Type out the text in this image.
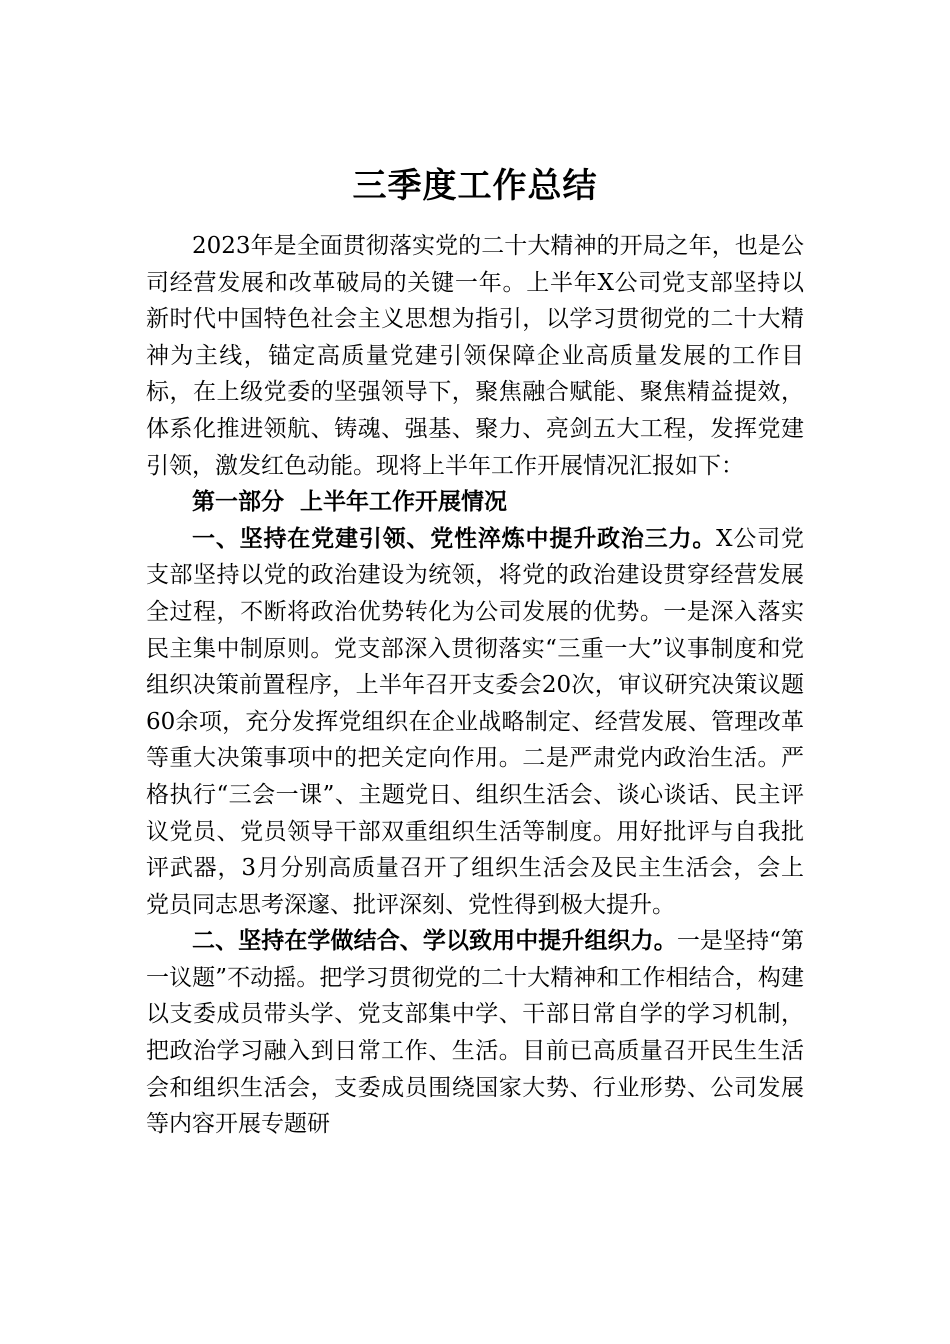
三季度工作总结

2023年是全面贯彻落实党的二十大精神的开局之年，也是公司经营发展和改革破局的关键一年。上半年X公司党支部坚持以新时代中国特色社会主义思想为指引，以学习贯彻党的二十大精神为主线，锚定高质量党建引领保障企业高质量发展的工作目标，在上级党委的坚强领导下，聚焦融合赋能、聚焦精益提效，体系化推进领航、铸魂、强基、聚力、亮剑五大工程，发挥党建引领，激发红色动能。现将上半年工作开展情况汇报如下：

第一部分  上半年工作开展情况

一、坚持在党建引领、党性淬炼中提升政治三力。X公司党支部坚持以党的政治建设为统领，将党的政治建设贯穿经营发展全过程，不断将政治优势转化为公司发展的优势。一是深入落实民主集中制原则。党支部深入贯彻落实“三重一大”议事制度和党组织决策前置程序，上半年召开支委会20次，审议研究决策议题60余项，充分发挥党组织在企业战略制定、经营发展、管理改革等重大决策事项中的把关定向作用。二是严肃党内政治生活。严格执行“三会一课”、主题党日、组织生活会、谈心谈话、民主评议党员、党员领导干部双重组织生活等制度。用好批评与自我批评武器，3月分别高质量召开了组织生活会及民主生活会，会上党员同志思考深邃、批评深刻、党性得到极大提升。

二、坚持在学做结合、学以致用中提升组织力。一是坚持“第一议题”不动摇。把学习贯彻党的二十大精神和工作相结合，构建以支委成员带头学、党支部集中学、干部日常自学的学习机制，把政治学习融入到日常工作、生活。目前已高质量召开民生生活会和组织生活会，支委成员围绕国家大势、行业形势、公司发展等内容开展专题研
